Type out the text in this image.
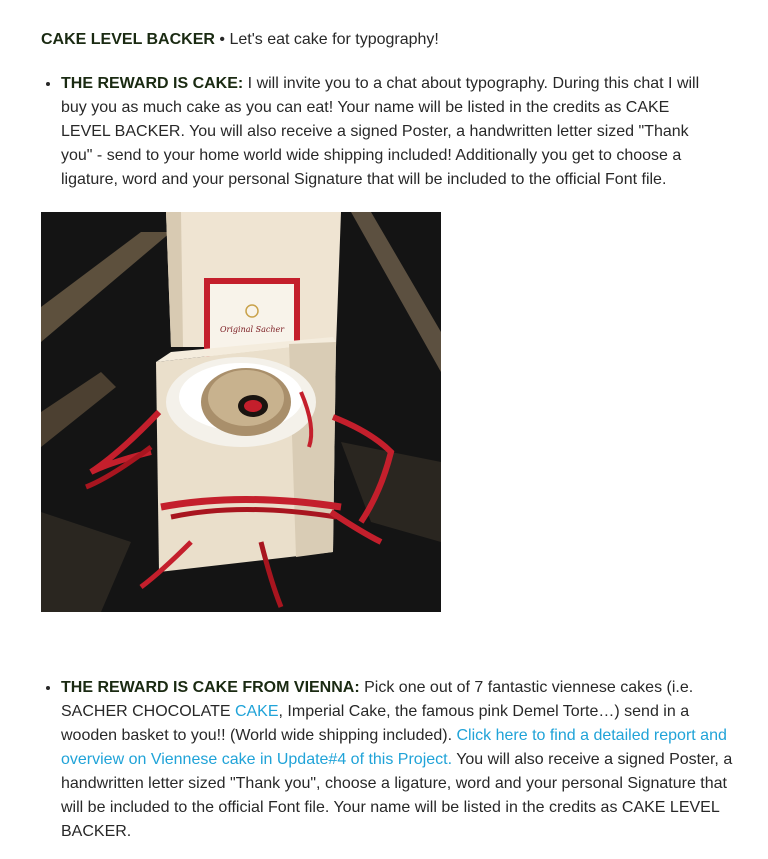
CAKE LEVEL BACKER • Let's eat cake for typography!

• THE REWARD IS CAKE: I will invite you to a chat about typography. During this chat I will buy you as much cake as you can eat! Your name will be listed in the credits as CAKE LEVEL BACKER. You will also receive a signed Poster, a handwritten letter sized "Thank you" - send to your home world wide shipping included! Additionally you get to choose a ligature, word and your personal Signature that will be included to the official Font file.
Original Sacher
• THE REWARD IS CAKE FROM VIENNA: Pick one out of 7 fantastic viennese cakes (i.e. SACHER CHOCOLATE CAKE, Imperial Cake, the famous pink Demel Torte…) send in a wooden basket to you!! (World wide shipping included). Click here to find a detailed report and overview on Viennese cake in Update#4 of this Project. You will also receive a signed Poster, a handwritten letter sized "Thank you", choose a ligature, word and your personal Signature that will be included to the official Font file. Your name will be listed in the credits as CAKE LEVEL BACKER.
